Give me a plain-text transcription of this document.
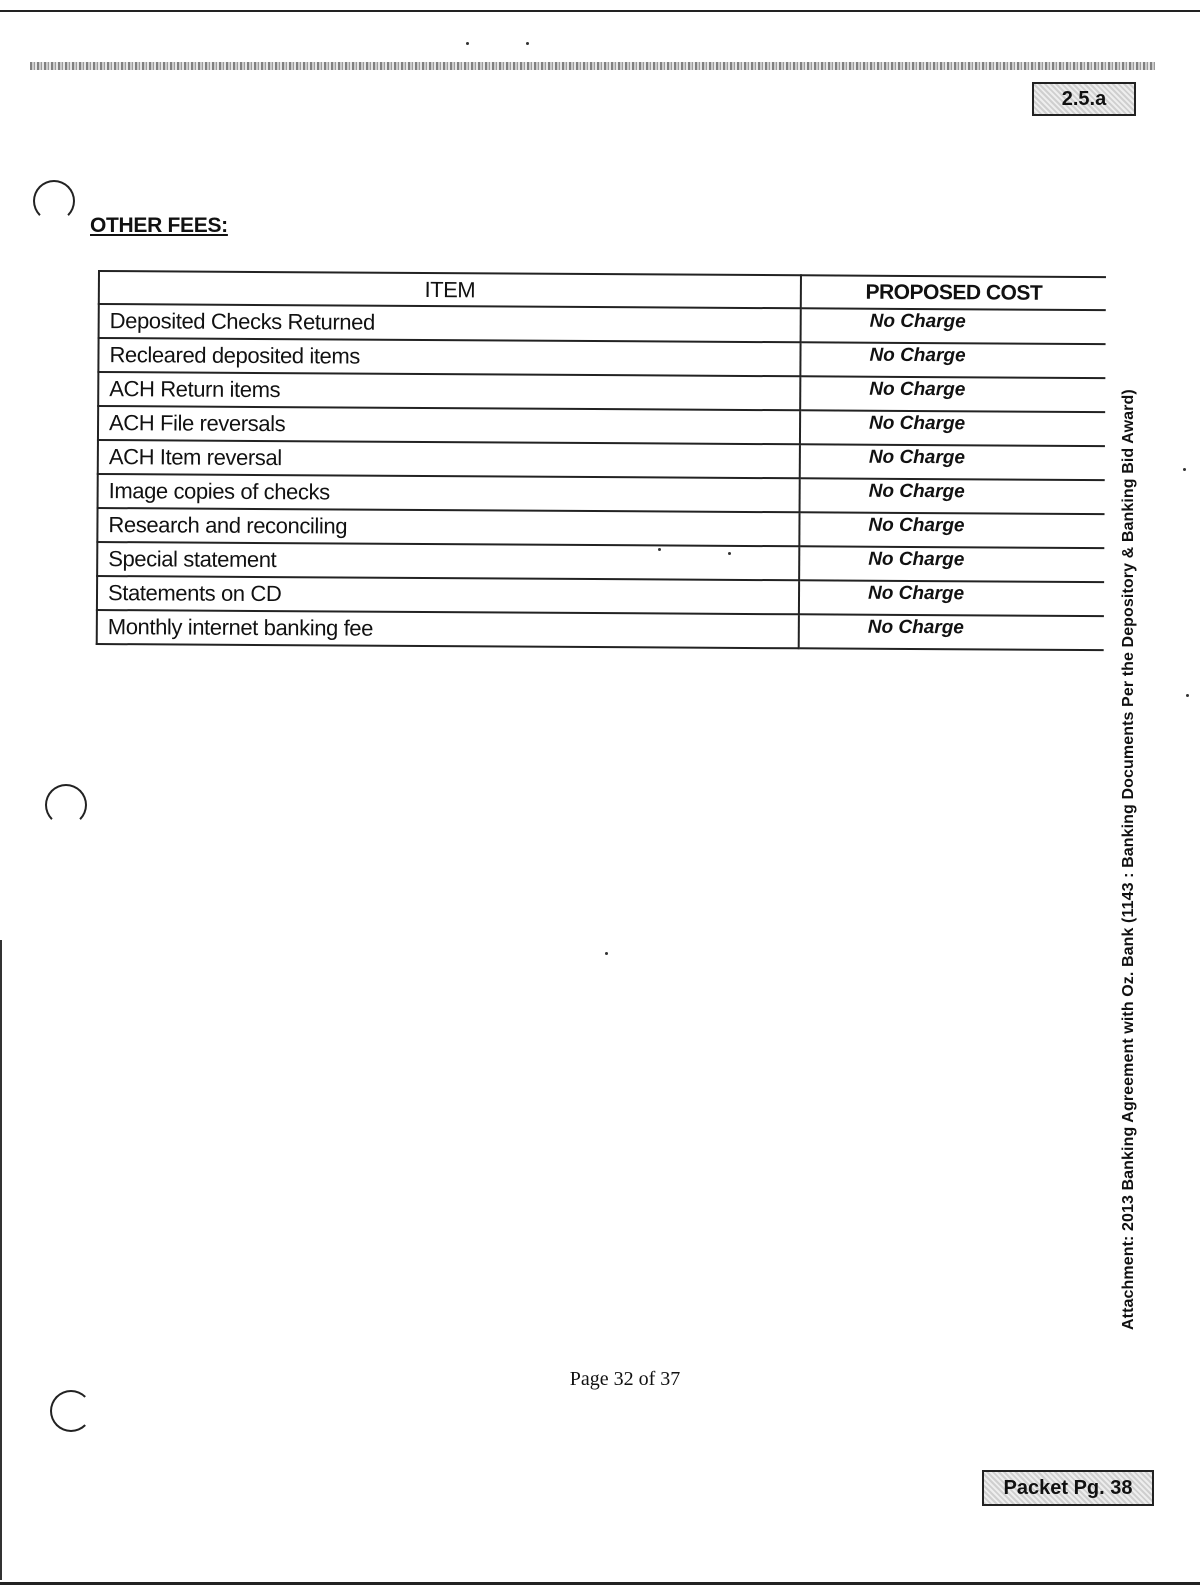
2.5.a
OTHER FEES:
ITEM	PROPOSED COST
Deposited Checks Returned	No Charge
Recleared deposited items	No Charge
ACH Return items	No Charge
ACH File reversals	No Charge
ACH Item reversal	No Charge
Image copies of checks	No Charge
Research and reconciling	No Charge
Special statement	No Charge
Statements on CD	No Charge
Monthly internet banking fee	No Charge	Attachment: 2013 Banking Agreement with Oz. Bank (1143 : Banking Documents Per the Depository & Banking Bid Award)
Page 32 of 37
Packet Pg. 38
